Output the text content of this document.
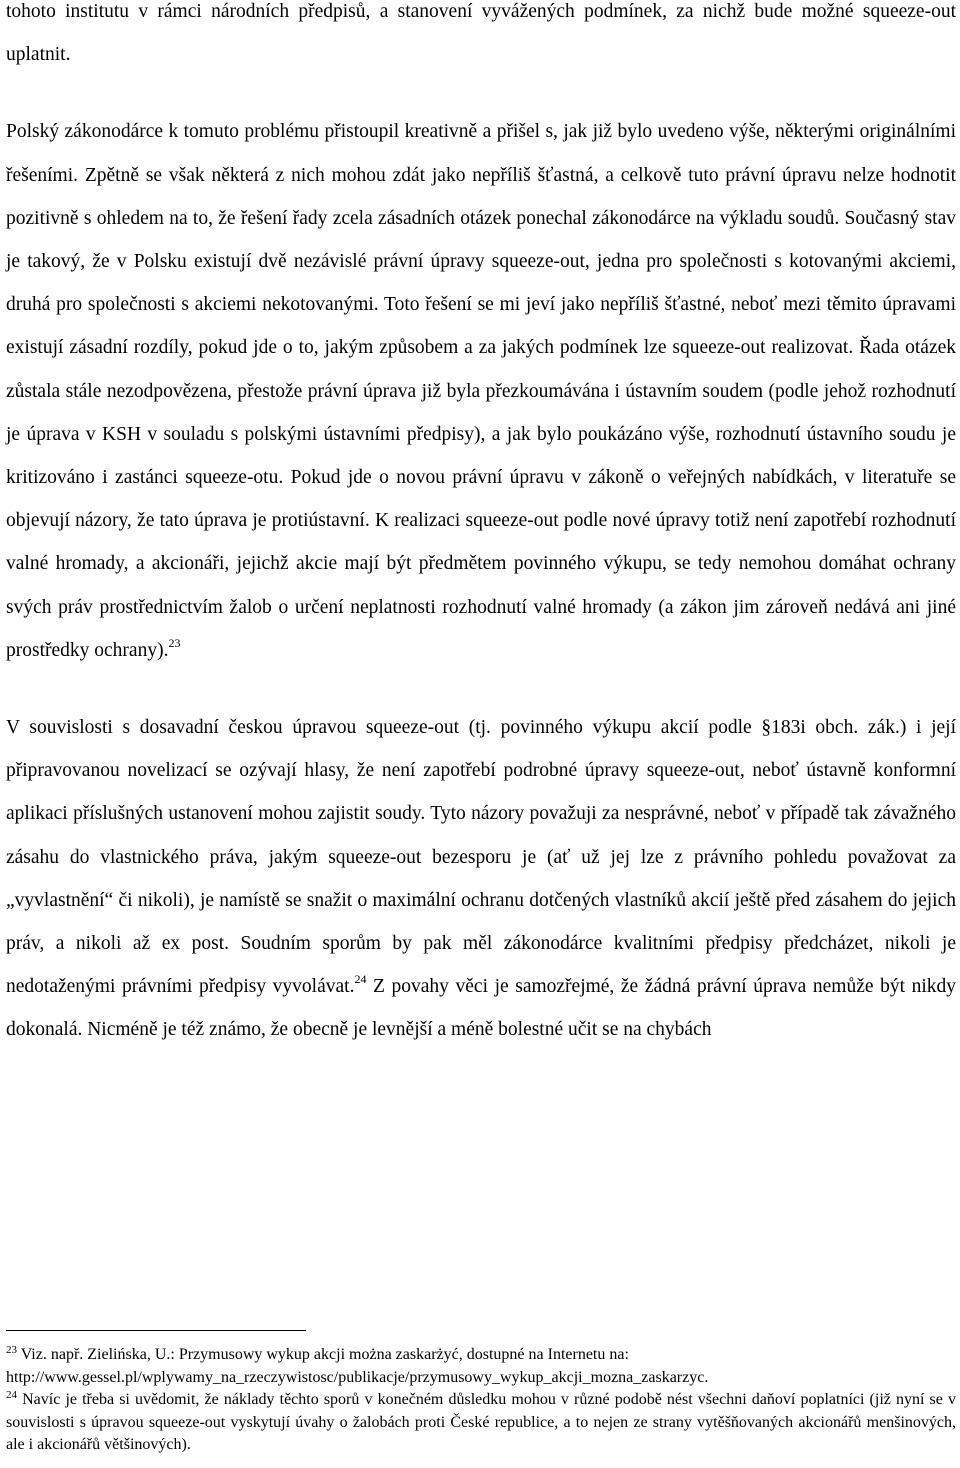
tohoto institutu v rámci národních předpisů, a stanovení vyvážených podmínek, za nichž bude možné squeeze-out uplatnit.

Polský zákonodárce k tomuto problému přistoupil kreativně a přišel s, jak již bylo uvedeno výše, některými originálními řešeními. Zpětně se však některá z nich mohou zdát jako nepříliš šťastná, a celkově tuto právní úpravu nelze hodnotit pozitivně s ohledem na to, že řešení řady zcela zásadních otázek ponechal zákonodárce na výkladu soudů. Současný stav je takový, že v Polsku existují dvě nezávislé právní úpravy squeeze-out, jedna pro společnosti s kotovanými akciemi, druhá pro společnosti s akciemi nekotovanými. Toto řešení se mi jeví jako nepříliš šťastné, neboť mezi těmito úpravami existují zásadní rozdíly, pokud jde o to, jakým způsobem a za jakých podmínek lze squeeze-out realizovat. Řada otázek zůstala stále nezodpovězena, přestože právní úprava již byla přezkoumávána i ústavním soudem (podle jehož rozhodnutí je úprava v KSH v souladu s polskými ústavními předpisy), a jak bylo poukázáno výše, rozhodnutí ústavního soudu je kritizováno i zastánci squeeze-otu. Pokud jde o novou právní úpravu v zákoně o veřejných nabídkách, v literatuře se objevují názory, že tato úprava je protiústavní. K realizaci squeeze-out podle nové úpravy totiž není zapotřebí rozhodnutí valné hromady, a akcionáři, jejichž akcie mají být předmětem povinného výkupu, se tedy nemohou domáhat ochrany svých práv prostřednictvím žalob o určení neplatnosti rozhodnutí valné hromady (a zákon jim zároveň nedává ani jiné prostředky ochrany).$^{23}$

V souvislosti s dosavadní českou úpravou squeeze-out (tj. povinného výkupu akcií podle §183i obch. zák.) i její připravovanou novelizací se ozývají hlasy, že není zapotřebí podrobné úpravy squeeze-out, neboť ústavně konformní aplikaci příslušných ustanovení mohou zajistit soudy. Tyto názory považuji za nesprávné, neboť v případě tak závažného zásahu do vlastnického práva, jakým squeeze-out bezesporu je (ať už jej lze z právního pohledu považovat za „vyvlastnění“ či nikoli), je namístě se snažit o maximální ochranu dotčených vlastníků akcií ještě před zásahem do jejich práv, a nikoli až ex post. Soudním sporům by pak měl zákonodárce kvalitními předpisy předcházet, nikoli je nedotaženými právními předpisy vyvolávat.$^{24}$ Z povahy věci je samozřejmé, že žádná právní úprava nemůže být nikdy dokonalá. Nicméně je též známo, že obecně je levnější a méně bolestné učit se na chybách

$^{23}$ Viz. např. Zielińska, U.: Przymusowy wykup akcji można zaskarżyć, dostupné na Internetu na:
http://www.gessel.pl/wplywamy_na_rzeczywistosc/publikacje/przymusowy_wykup_akcji_mozna_zaskarzyc.

$^{24}$ Navíc je třeba si uvědomit, že náklady těchto sporů v konečném důsledku mohou v různé podobě nést všechni daňoví poplatníci (již nyní se v souvislosti s úpravou squeeze-out vyskytují úvahy o žalobách proti České republice, a to nejen ze strany vytěšňovaných akcionářů menšinových, ale i akcionářů většinových).
